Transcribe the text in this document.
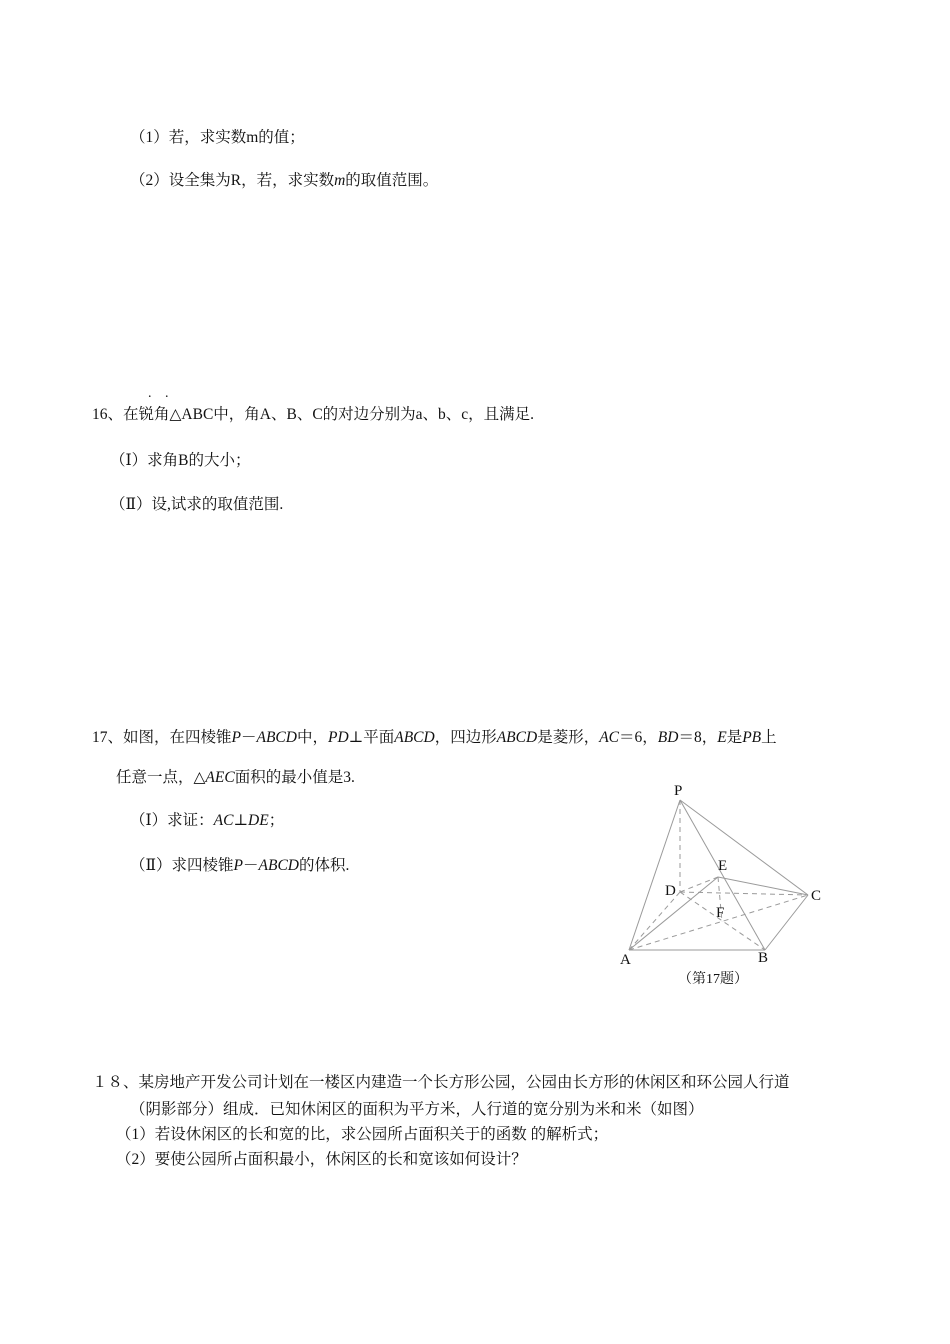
（1）若，求实数m的值；
（2）设全集为R，若，求实数m的取值范围。
. .
16、在锐角△ABC中，角A、B、C的对边分别为a、b、c，且满足.
（Ⅰ）求角B的大小；
（Ⅱ）设,试求的取值范围.
17、如图，在四棱锥P－ABCD中，PD⊥平面ABCD，四边形ABCD是菱形，AC＝6，BD＝8，E是PB上
任意一点，△AEC面积的最小值是3.
（Ⅰ）求证：AC⊥DE；
（Ⅱ）求四棱锥P－ABCD的体积.
P
E
D	C
F
A	B
（第17题）
１８、某房地产开发公司计划在一楼区内建造一个长方形公园，公园由长方形的休闲区和环公园人行道
（阴影部分）组成．已知休闲区的面积为平方米，人行道的宽分别为米和米（如图）
（1）若设休闲区的长和宽的比，求公园所占面积关于的函数 的解析式；
（2）要使公园所占面积最小，休闲区的长和宽该如何设计？
